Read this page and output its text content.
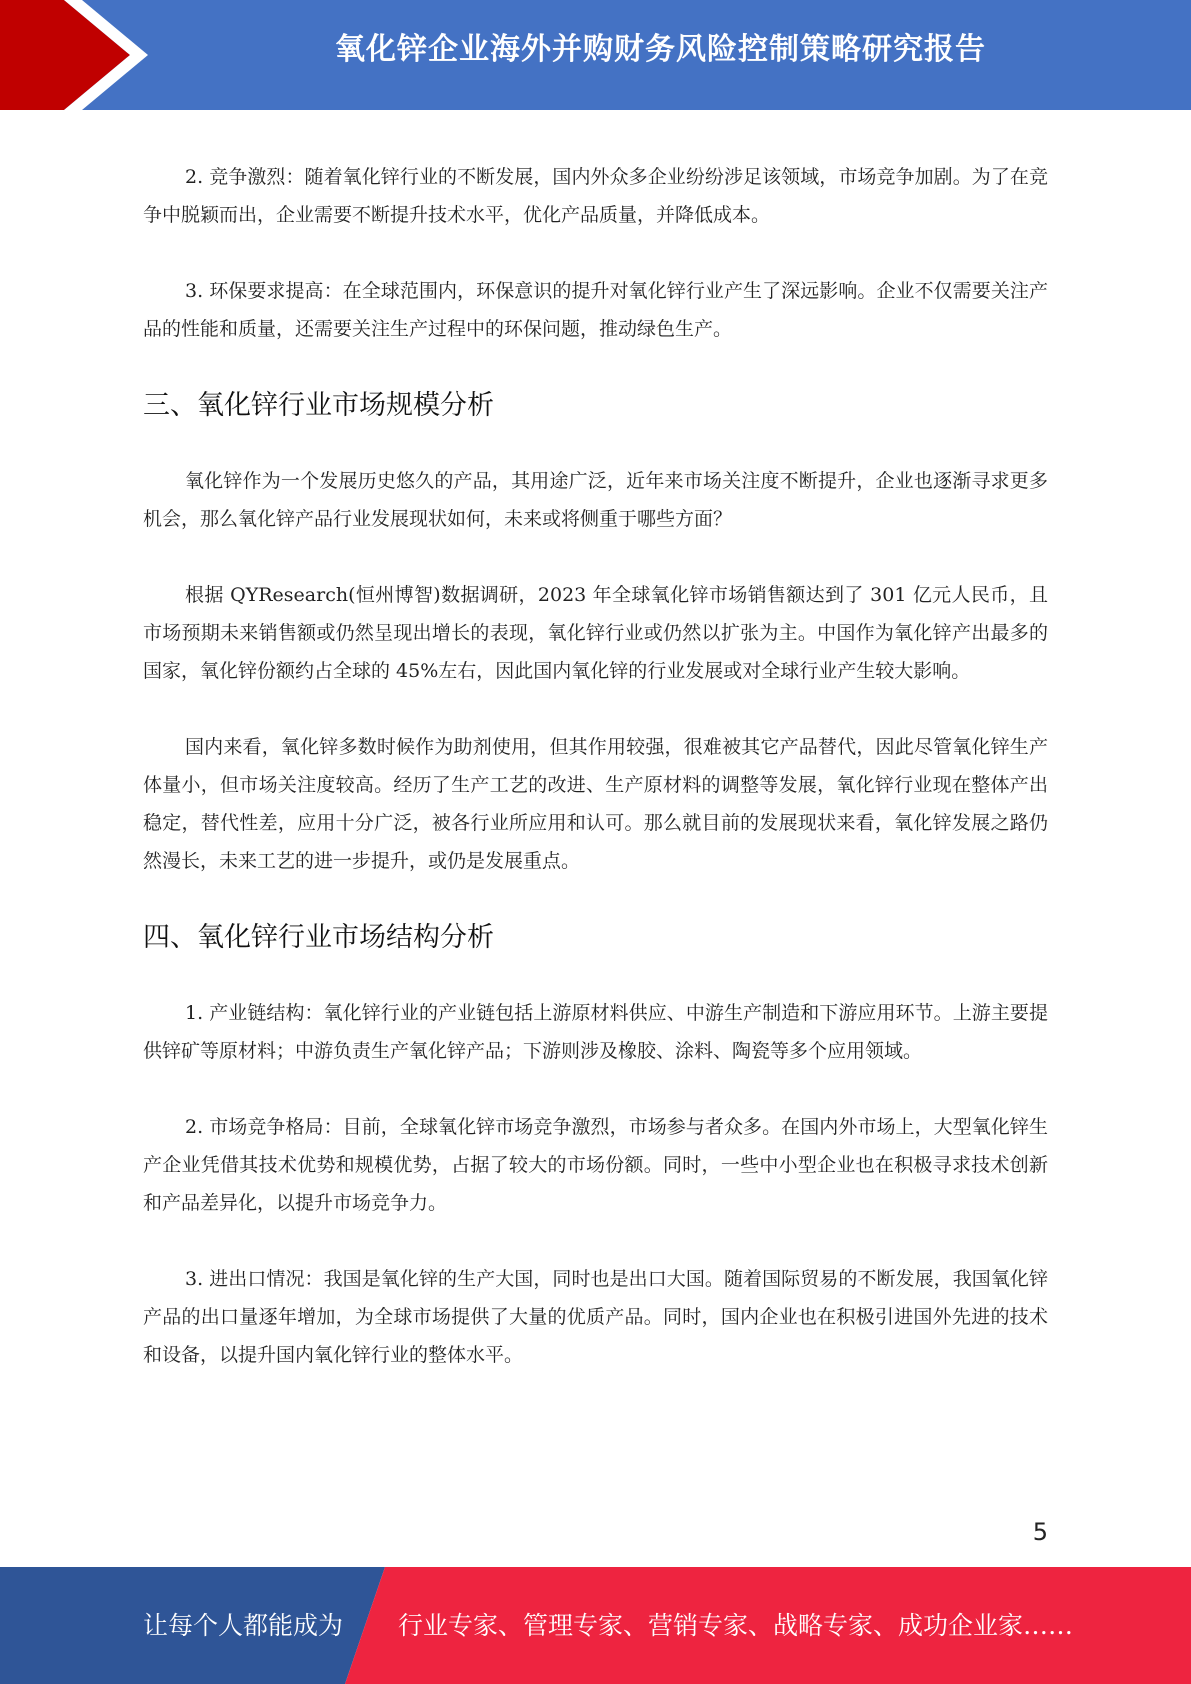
氧化锌企业海外并购财务风险控制策略研究报告

2. 竞争激烈：随着氧化锌行业的不断发展，国内外众多企业纷纷涉足该领域，市场竞争加剧。为了在竞争中脱颖而出，企业需要不断提升技术水平，优化产品质量，并降低成本。

3. 环保要求提高：在全球范围内，环保意识的提升对氧化锌行业产生了深远影响。企业不仅需要关注产品的性能和质量，还需要关注生产过程中的环保问题，推动绿色生产。

三、氧化锌行业市场规模分析

氧化锌作为一个发展历史悠久的产品，其用途广泛，近年来市场关注度不断提升，企业也逐渐寻求更多机会，那么氧化锌产品行业发展现状如何，未来或将侧重于哪些方面？

根据 QYResearch(恒州博智)数据调研，2023 年全球氧化锌市场销售额达到了 301 亿元人民币，且市场预期未来销售额或仍然呈现出增长的表现，氧化锌行业或仍然以扩张为主。中国作为氧化锌产出最多的国家，氧化锌份额约占全球的 45%左右，因此国内氧化锌的行业发展或对全球行业产生较大影响。

国内来看，氧化锌多数时候作为助剂使用，但其作用较强，很难被其它产品替代，因此尽管氧化锌生产体量小，但市场关注度较高。经历了生产工艺的改进、生产原材料的调整等发展，氧化锌行业现在整体产出稳定，替代性差，应用十分广泛，被各行业所应用和认可。那么就目前的发展现状来看，氧化锌发展之路仍然漫长，未来工艺的进一步提升，或仍是发展重点。

四、氧化锌行业市场结构分析

1. 产业链结构：氧化锌行业的产业链包括上游原材料供应、中游生产制造和下游应用环节。上游主要提供锌矿等原材料；中游负责生产氧化锌产品；下游则涉及橡胶、涂料、陶瓷等多个应用领域。

2. 市场竞争格局：目前，全球氧化锌市场竞争激烈，市场参与者众多。在国内外市场上，大型氧化锌生产企业凭借其技术优势和规模优势，占据了较大的市场份额。同时，一些中小型企业也在积极寻求技术创新和产品差异化，以提升市场竞争力。

3. 进出口情况：我国是氧化锌的生产大国，同时也是出口大国。随着国际贸易的不断发展，我国氧化锌产品的出口量逐年增加，为全球市场提供了大量的优质产品。同时，国内企业也在积极引进国外先进的技术和设备，以提升国内氧化锌行业的整体水平。

5
让每个人都能成为 行业专家、管理专家、营销专家、战略专家、成功企业家……
